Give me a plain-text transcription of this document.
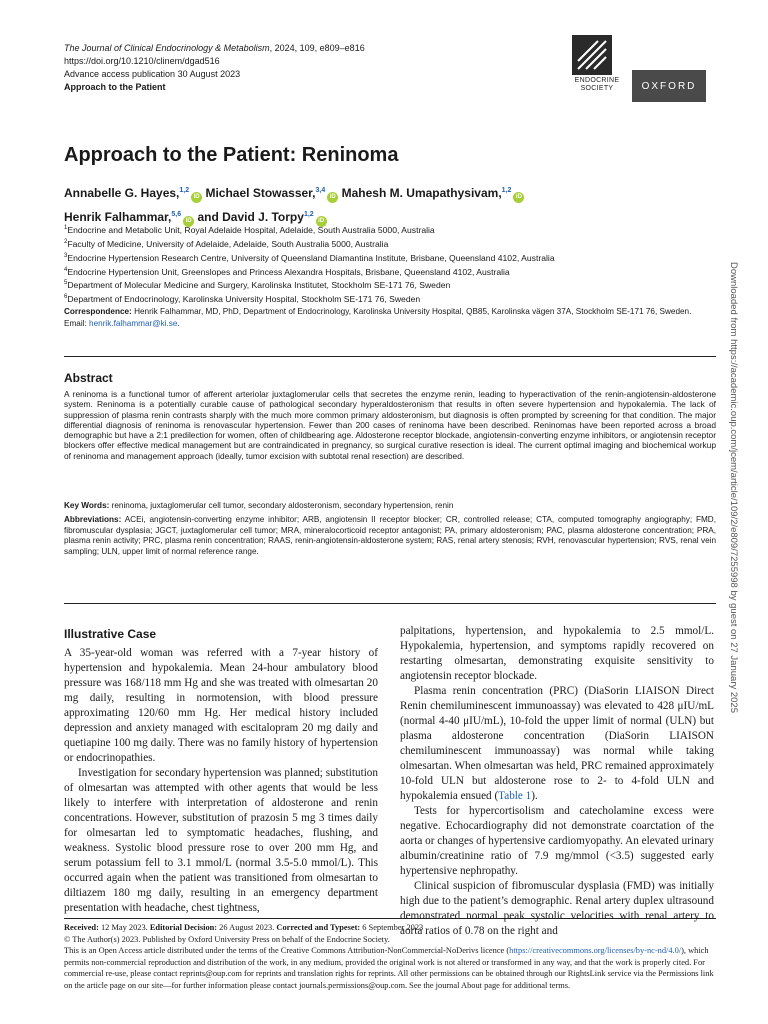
The Journal of Clinical Endocrinology & Metabolism, 2024, 109, e809–e816
https://doi.org/10.1210/clinem/dgad516
Advance access publication 30 August 2023
Approach to the Patient
ENDOCRINE
SOCIETY	OXFORD
Approach to the Patient: Reninoma
Annabelle G. Hayes,$^{1,2}$iD Michael Stowasser,$^{3,4}$iD Mahesh M. Umapathysivam,$^{1,2}$iD
Henrik Falhammar,$^{5,6}$iD and David J. Torpy$^{1,2}$iD
$^1$Endocrine and Metabolic Unit, Royal Adelaide Hospital, Adelaide, South Australia 5000, Australia
$^2$Faculty of Medicine, University of Adelaide, Adelaide, South Australia 5000, Australia
$^3$Endocrine Hypertension Research Centre, University of Queensland Diamantina Institute, Brisbane, Queensland 4102, Australia
$^4$Endocrine Hypertension Unit, Greenslopes and Princess Alexandra Hospitals, Brisbane, Queensland 4102, Australia
$^5$Department of Molecular Medicine and Surgery, Karolinska Institutet, Stockholm SE-171 76, Sweden
$^6$Department of Endocrinology, Karolinska University Hospital, Stockholm SE-171 76, Sweden
Correspondence: Henrik Falhammar, MD, PhD, Department of Endocrinology, Karolinska University Hospital, QB85, Karolinska vägen 37A, Stockholm SE-171 76, Sweden.
Email: henrik.falhammar@ki.se.
Abstract
A reninoma is a functional tumor of afferent arteriolar juxtaglomerular cells that secretes the enzyme renin, leading to hyperactivation of the renin-angiotensin-aldosterone system. Reninoma is a potentially curable cause of pathological secondary hyperaldosteronism that results in often severe hypertension and hypokalemia. The lack of suppression of plasma renin contrasts sharply with the much more common primary aldosteronism, but diagnosis is often prompted by screening for that condition. The major differential diagnosis of reninoma is renovascular hypertension. Fewer than 200 cases of reninoma have been described. Reninomas have been reported across a broad demographic but have a 2:1 predilection for women, often of childbearing age. Aldosterone receptor blockade, angiotensin-converting enzyme inhibitors, or angiotensin receptor blockers offer effective medical management but are contraindicated in pregnancy, so surgical curative resection is ideal. The current optimal imaging and biochemical workup of reninoma and management approach (ideally, tumor excision with subtotal renal resection) are described.
Key Words: reninoma, juxtaglomerular cell tumor, secondary aldosteronism, secondary hypertension, renin
Abbreviations: ACEi, angiotensin-converting enzyme inhibitor; ARB, angiotensin II receptor blocker; CR, controlled release; CTA, computed tomography angiography; FMD, fibromuscular dysplasia; JGCT, juxtaglomerular cell tumor; MRA, mineralocorticoid receptor antagonist; PA, primary aldosteronism; PAC, plasma aldosterone concentration; PRA, plasma renin activity; PRC, plasma renin concentration; RAAS, renin-angiotensin-aldosterone system; RAS, renal artery stenosis; RVH, renovascular hypertension; RVS, renal vein sampling; ULN, upper limit of normal reference range.
Illustrative Case

A 35-year-old woman was referred with a 7-year history of hypertension and hypokalemia. Mean 24-hour ambulatory blood pressure was 168/118 mm Hg and she was treated with olmesartan 20 mg daily, resulting in normotension, with blood pressure approximating 120/60 mm Hg. Her medical history included depression and anxiety managed with escitalopram 20 mg daily and quetiapine 100 mg daily. There was no family history of hypertension or endocrinopathies.

Investigation for secondary hypertension was planned; substitution of olmesartan was attempted with other agents that would be less likely to interfere with interpretation of aldosterone and renin concentrations. However, substitution of prazosin 5 mg 3 times daily for olmesartan led to symptomatic headaches, flushing, and weakness. Systolic blood pressure rose to over 200 mm Hg, and serum potassium fell to 3.1 mmol/L (normal 3.5-5.0 mmol/L). This occurred again when the patient was transitioned from olmesartan to diltiazem 180 mg daily, resulting in an emergency department presentation with headache, chest tightness,

palpitations, hypertension, and hypokalemia to 2.5 mmol/L. Hypokalemia, hypertension, and symptoms rapidly recovered on restarting olmesartan, demonstrating exquisite sensitivity to angiotensin receptor blockade.

Plasma renin concentration (PRC) (DiaSorin LIAISON Direct Renin chemiluminescent immunoassay) was elevated to 428 μIU/mL (normal 4-40 μIU/mL), 10-fold the upper limit of normal (ULN) but plasma aldosterone concentration (DiaSorin LIAISON chemiluminescent immunoassay) was normal while taking olmesartan. When olmesartan was held, PRC remained approximately 10-fold ULN but aldosterone rose to 2- to 4-fold ULN and hypokalemia ensued (Table 1).

Tests for hypercortisolism and catecholamine excess were negative. Echocardiography did not demonstrate coarctation of the aorta or changes of hypertensive cardiomyopathy. An elevated urinary albumin/creatinine ratio of 7.9 mg/mmol (<3.5) suggested early hypertensive nephropathy.

Clinical suspicion of fibromuscular dysplasia (FMD) was initially high due to the patient’s demographic. Renal artery duplex ultrasound demonstrated normal peak systolic velocities with renal artery to aorta ratios of 0.78 on the right and

Received: 12 May 2023. Editorial Decision: 26 August 2023. Corrected and Typeset: 6 September 2023
© The Author(s) 2023. Published by Oxford University Press on behalf of the Endocrine Society.
This is an Open Access article distributed under the terms of the Creative Commons Attribution-NonCommercial-NoDerivs licence (https://creativecommons.org/licenses/by-nc-nd/4.0/), which permits non-commercial reproduction and distribution of the work, in any medium, provided the original work is not altered or transformed in any way, and that the work is properly cited. For commercial re-use, please contact reprints@oup.com for reprints and translation rights for reprints. All other permissions can be obtained through our RightsLink service via the Permissions link on the article page on our site—for further information please contact journals.permissions@oup.com. See the journal About page for additional terms.
Downloaded from https://academic.oup.com/jcem/article/109/2/e809/7255998 by guest on 27 January 2025
